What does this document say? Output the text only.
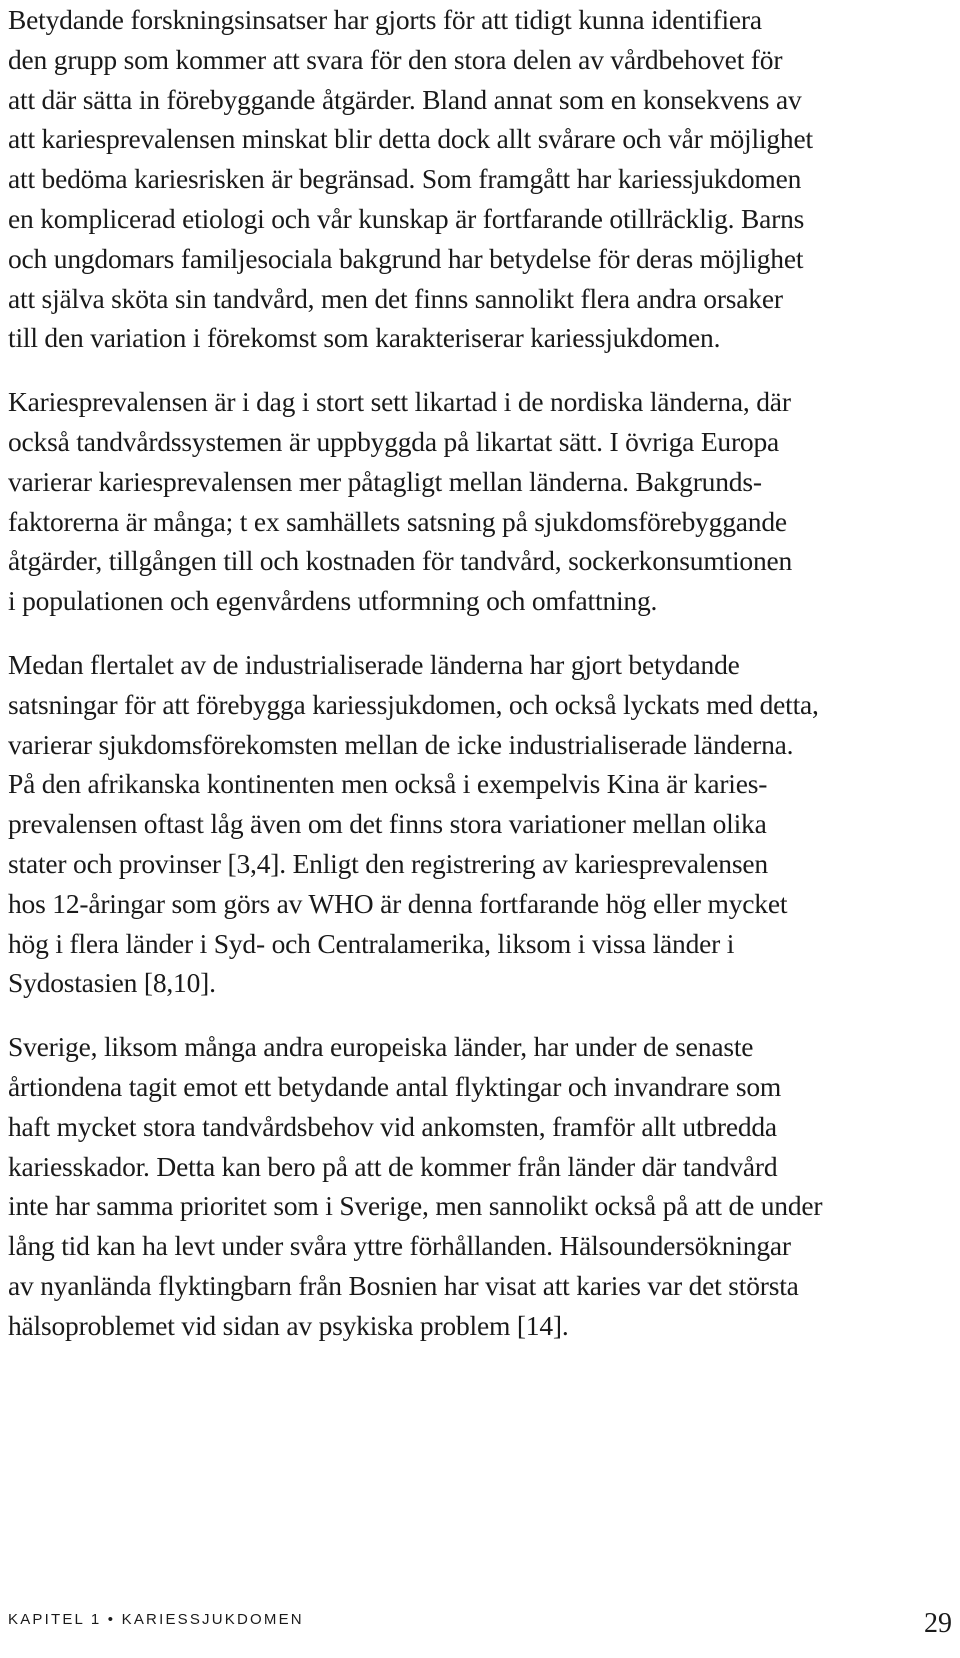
Betydande forskningsinsatser har gjorts för att tidigt kunna identifiera
den grupp som kommer att svara för den stora delen av vårdbehovet för
att där sätta in förebyggande åtgärder. Bland annat som en konsekvens av
att kariesprevalensen minskat blir detta dock allt svårare och vår möjlighet
att bedöma kariesrisken är begränsad. Som framgått har kariessjukdomen
en komplicerad etiologi och vår kunskap är fortfarande otillräcklig. Barns
och ungdomars familjesociala bakgrund har betydelse för deras möjlighet
att själva sköta sin tandvård, men det finns sannolikt flera andra orsaker
till den variation i förekomst som karakteriserar kariessjukdomen.

Kariesprevalensen är i dag i stort sett likartad i de nordiska länderna, där
också tandvårdssystemen är uppbyggda på likartat sätt. I övriga Europa
varierar kariesprevalensen mer påtagligt mellan länderna. Bakgrunds-
faktorerna är många; t ex samhällets satsning på sjukdomsförebyggande
åtgärder, tillgången till och kostnaden för tandvård, sockerkonsumtionen
i populationen och egenvårdens utformning och omfattning.

Medan flertalet av de industrialiserade länderna har gjort betydande
satsningar för att förebygga kariessjukdomen, och också lyckats med detta,
varierar sjukdomsförekomsten mellan de icke industrialiserade länderna.
På den afrikanska kontinenten men också i exempelvis Kina är karies-
prevalensen oftast låg även om det finns stora variationer mellan olika
stater och provinser [3,4]. Enligt den registrering av kariesprevalensen
hos 12-åringar som görs av WHO är denna fortfarande hög eller mycket
hög i flera länder i Syd- och Centralamerika, liksom i vissa länder i
Sydostasien [8,10].

Sverige, liksom många andra europeiska länder, har under de senaste
årtiondena tagit emot ett betydande antal flyktingar och invandrare som
haft mycket stora tandvårdsbehov vid ankomsten, framför allt utbredda
kariesskador. Detta kan bero på att de kommer från länder där tandvård
inte har samma prioritet som i Sverige, men sannolikt också på att de under
lång tid kan ha levt under svåra yttre förhållanden. Hälsoundersökningar
av nyanlända flyktingbarn från Bosnien har visat att karies var det största
hälsoproblemet vid sidan av psykiska problem [14].

KAPITEL 1 • KARIESSJUKDOMEN	29
